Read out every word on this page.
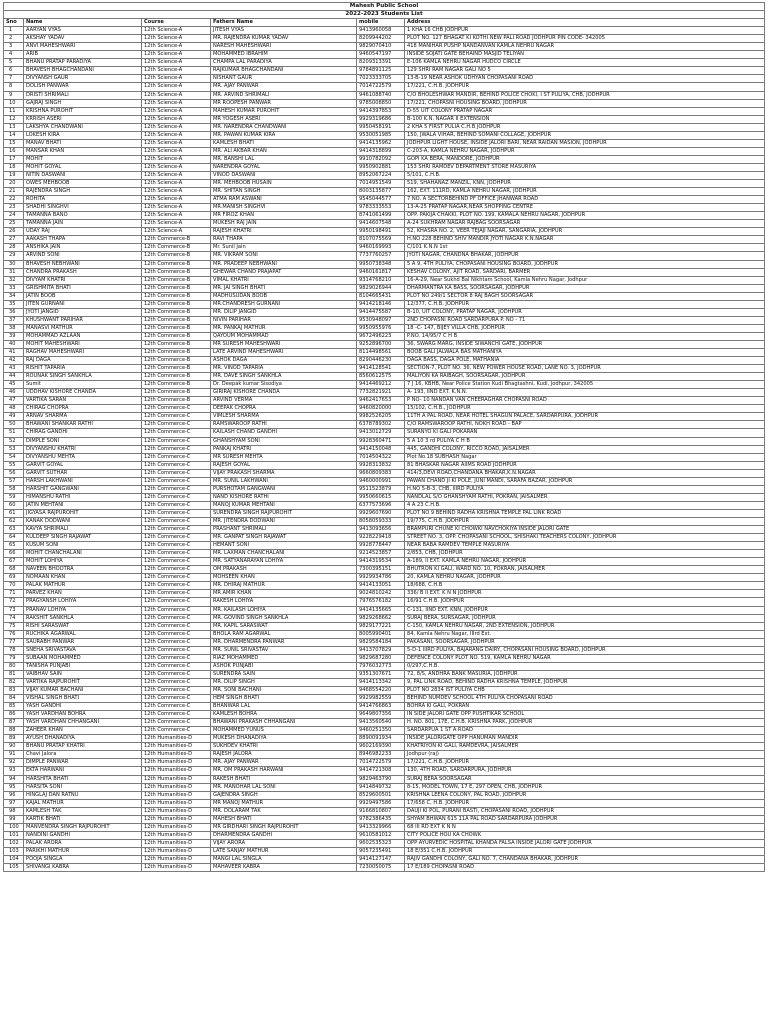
Mahesh Public School					
2022-2023 Students List					
Sno	Name	Course	Fathers Name	mobile	Address
1	AARYAN VYAS	12th Science-A	JITESH VYAS	9413960058	1 KHA 16 CHB JODHPUR
2	AKSHAY YADAV	12th Science-A	MR. RAJENDRA KUMAR YADAV	8209944202	PLOT NO. 127 BHAGAT KI KOTHI NEW PALI ROAD JODHPUR PIN CODE- 342005
3	ANVI MAHESHWARI	12th Science-A	NARESH MAHESHWARI	9829070410	418 MANIHAR PUSHP NANDANVAN KAMLA NEHRU NAGAR
4	ARIB	12th Science-A	MOHAMMED IBRAHIM	9460547197	INSIDE SOJATI GATE BEHAIND MASJID TELIYAN
5	BHANU PRATAP PARADIYA	12th Science-A	CHAMPA LAL PARADIYA	8209313391	E-106 KAMLA NEHRU NAGAR HUDCO CIRCLE
6	BHAVESH BHAGCHANDANI	12th Science-A	RAJKUMAR BHAGCHANDANI	9784891125	129 SHRI RAM NAGAR GALI NO 5
7	DIVYANSH GAUR	12th Science-A	NISHANT GAUR	7023333705	13-B-19 NEAR ASHOK UDHYAN CHOPASANI ROAD
8	DOLISH PANWAR	12th Science-A	MR. AJAY PANWAR	7014722579	17/221, C.H.B. JODHPUR
9	DRISTI SHRIMALI	12th Science-A	MR. ARVIND SHRIMALI	9461088740	C/O BHOLESHWAR MANDIR, BEHIND POLICE CHOKI, I ST PULIYA, CHB, JODHPUR
10	GAJRAJ SINGH	12th Science-A	MR ROOPESH PANWAR	9785008850	17/221, CHOPASNI HOUSING BOARD, JODHPUR
11	KRISHNA PUROHIT	12th Science-A	MAHESH KUMAR PUROHIT	9414397853	D-55 UIT COLONY PRATAP NAGAR
12	KRRISH ASERI	12th Science-A	MR YOGESH ASERI	9929319686	B-100 K.N. NAGAR II EXTENSION
13	LAKSHYA CHANDWANI	12th Science-A	MR. NARENDRA CHANDWANI	9950458191	2 KHA 5 FIRST PULIA C.H.B JODHPUR
14	LOKESH KIRA	12th Science-A	MR. PAWAN KUMAR KIRA	9530051985	150, JWALA VIHAR, BEHIND SOMANI COLLAGE, JODHPUR
15	MANAV BHATI	12th Science-A	KAMLESH BHATI	9414135962	JODHPUR LIGHT HOUSE, INSIDE JALORI BARI, NEAR RAIDAN MASION, JODHPUR
16	MANSAR KHAN	12th Science-A	MR. ALI AKBAR KHAN	9414318899	C-203-A, KAMLA NEHRU NAGAR, JODHPUR
17	MOHIT	12th Science-A	MR. BANSHI LAL	9910782092	GOPI KA BERA, MANDORE, JODHPUR
18	MOHIT GOYAL	12th Science-A	NARENDRA GOYAL	9950902881	153 SHRI RAMDEV DEPARTMENT STORE MASURIYA
19	NITIN DASWANI	12th Science-A	VINOD DASWANI	8952067224	5/101, C.H.B.
20	OWES MEHBOOB	12th Science-A	MR. MEHBOOB HUSAIN	7014951549	519, SHAHANAZ MANZIL, KNN, JODHPUR
21	RAJENDRA SINGH	12th Science-A	MR. SHITAN SINGH	8003135877	162, EXT. 111RD, KAMLA NEHRU NAGAR, JODHPUR
22	ROHITA	12th Science-A	ATMA RAM ASWANI	9545044577	7 NO. A SECTORBEHIND PF OFFICE JHANWAR ROAD
23	SHADHI SINGHVI	12th Science-A	MR.MANISH SINGHVI	9783333553	13-A-25 PRATAP NAGAR,NEAR SHOPPING CENTRE
24	TAMANNA BANO	12th Science-A	MR FIROZ KHAN	8741061499	OPP. PAKIJA CHAKKI, PLOT NO. 199, KAMALA NEHRU NAGAR, JODHPUR
25	TAMANNA JAIN	12th Science-A	MUKESH RAJ JAIN	9414607548	A-24 SUKHRAM NAGAR RAJBAG SOORSAGAR
26	UDAY RAJ	12th Science-A	RAJESH KHATRI	9950198491	52, KHASRA NO. 2, VEER TEJAJI NAGAR, SANGARIA, JODHPUR
27	AAKASH THAPA	12th Commerce-B	RAVI THAPA	8107075569	H.NO 228 BEHIND SHIV MANDIR JYOTI NAGAR K.N.NAGAR
28	ANSHIKA JAIN	12th Commerce-B	Mr. Sunil Jain	9460169993	C/101 K.N.N 1st
29	ARVIND SONI	12th Commerce-B	MR. VIKRAM SONI	7737760257	JYOTI NAGAR, CHANDNA BHAKAR, JODHPUR
30	BHAVESH NEBHWANI	12th Commerce-B	MR. PRADEEP NEBHWANI	9950738348	5 A 9, 4TH PULIYA, CHOPASANI HOUSING BOARD, JODHPUR
31	CHANDRA PRAKASH	12th Commerce-B	GHEWAR CHAND PRAJAPAT	9460161817	KESHAV COLONY, AJIT ROAD, SARDARI, BARMER
32	DIVYAM KHATRI	12th Commerce-B	VIMAL KHATRI	9314768210	16-A-29, Near Sukhd Bal Nikhtam School, Kamla Nehru Nagar, Jodhpur
33	GRISHMITA BHATI	12th Commerce-B	MR. JAI SINGH BHATI	9829026944	DHARMANTRA KA BASS, SOORSAGAR, JODHPUR
34	JATIN BOOB	12th Commerce-B	MADHUSUDAN BOOB	8104665431	PLOT NO 249/1 SECTOR 8 RAJ BAGH SOORSAGAR
35	JITEN GURNANI	12th Commerce-B	MR.CHANDRESH GURNANI	9414218146	12/377, C.H.B. JODHPUR
36	JYOTI JANGID	12th Commerce-B	MR. DILIP JANGID	9414475587	B-10, UIT COLONY, PRATAP NAGAR, JODHPUR
37	KHUSHWANT PARIHAR	12th Commerce-B	NIVIN PARIHAR	9530948097	2ND CHOPASNI ROAD SARDARPURA P. NO - 71
38	MANASVI MATHUR	12th Commerce-B	MR. PANKAJ MATHUR	9950955976	18 -C- 147, BIJEY VILLA CHB, JODHPUR
39	MOHAMMAD AZLAAN	12th Commerce-B	QAYOUM MOHAMMAD	9672496223	P.NO. 14/95/7 C H B
40	MOHIT MAHESHWARI	12th Commerce-B	MR SURESH MAHESHWARI	9252896700	36, SWARG MARG, INSIDE SIWANCHI GATE, JODHPUR
41	RAGHAV MAHESHWARI	12th Commerce-B	LATE ARVIND MAHESHWARI	8114498561	BOOB GALI JALWALA BAS MATHANIYA
42	RAJ DAGA	12th Commerce-B	ASHOK DAGA	8290446230	DAGA BASS, DAGA POLE, MATHANIA
43	RISHIT TAPARIA	12th Commerce-B	MR. VINOD TAPARIA	9414128541	SECTION-7, PLOT NO. 36, NEW POWER HOUSE ROAD, LANE NO. 3, JODHPUR
44	ROUNAK SINGH SANKHLA	12th Commerce-B	MR. DAVE SINGH SANKHLA	8560612575	MALIYON KA RAIBAGH, SOORSAGAR, JODHPUR
45	Sumit	12th Commerce-B	Dr. Deepak kumar Sisodiya	9414469212	7 J 16, KBHB, Near Police Station Kudi Bhagtashni, Kudi, Jodhpur, 342005
46	UDDHAV KISHORE CHANDA	12th Commerce-B	GIRIRAJ KISHORE CHANDA	7732821921	A- 193, IIND EXT. K.N.N.
47	VARTIKA SARAN	12th Commerce-B	ARVIND VERMA	9462417653	P NO- 10 NANDAN VAN CHEERAGHAR CHOPASNI ROAD
48	CHIRAG CHOPRA	12th Commerce-C	DEEPAK CHOPRA	9460820000	15/102, C.H.B., JODHPUR
49	ARNAV SHARMA	12th Commerce-C	VIMLESH SHARMA	9982526205	11TH A PAL ROAD, NEAR HOTEL SHAGUN PALACE, SARDARPURA, JODHPUR
50	BHAWANI SHANKAR RATHI	12th Commerce-C	RAMSWAROOP RATHI	6378789302	C/O RAMSWAROOP RATHI, NOKH ROAD - BAP
51	CHIRAG GANDHI	12th Commerce-C	KAILASH CHAND GANDHI	9413012729	SURANYO KI GALI POKARAN
52	DIMPLE SONI	12th Commerce-C	GHANSHYAM SONI	9928360471	5 A 10 3 rd PULIYA C H B
53	DIVYANSHU KHATRI	12th Commerce-C	PANKAJ KHATRI	9414150048	445, GANDHI COLONY, RICCO ROAD, JAISALMER
54	DIVYANSHU MEHTA	12th Commerce-C	MR SURESH MEHTA	7014504322	Plot No.18 SUBHASH Nagar
55	GARVIT GOYAL	12th Commerce-C	RAJESH GOYAL	9928313832	81 BHASKAR NAGAR AIIMS ROAD JODHPUR
56	GARVIT SUTHAR	12th Commerce-C	VIJAY PRAKASH SHARMA	9660809383	414/3,DEVI ROAD,CHANDANA BHAKAR,K.N.NAGAR
57	HARSH LAKHWANI	12th Commerce-C	MR. SUNIL LAKHWANI	9460000991	PAWAN CHAND JI KI POLE, JUNI MANDI, SARAFA BAZAR, JODHPUR
58	HARSHIT GANGWANI	12th Commerce-C	PURSHOTAM GANGWANI	9511523879	H.NO 5-B-3, CHB, IIIRD PULIYA
59	HIMANSHU RATHI	12th Commerce-C	NAND KISHORE RATHI	9950660615	NANDLAL S/O GHANSHYAM RATHI, POKRAN, JAISALMER
60	JATIN MEHTANI	12th Commerce-C	MANOJ KUMAR MEHTANI	6377573696	4 A 23 C.H.B.
61	JIGYASA RAJPUROHIT	12th Commerce-C	SURENDRA SINGH RAJPUROHIT	9929607690	PLOT NO 9 BEHIND RADHA KRISHNA TEMPLE PAL LINK ROAD
62	KANAK DODWANI	12th Commerce-C	MR. JITENDRA DODWANI	8058059333	19/775, C.H.B. JODHPUR
63	KAVYA SHRIMALI	12th Commerce-C	PRASHANT SHRIMALI	9413093656	BRAMPURI CHUNE KI CHOWKI NAVCHOKIYA INSIDE JALORI GATE
64	KULDEEP SINGH RAJAWAT	12th Commerce-C	MR. GANPAT SINGH RAJAWAT	9228229418	STREET NO. 3, OPP. CHOPASANI SCHOOL, SHISHAKI TEACHERS COLONY, JODHPUR
65	KUSUM SONI	12th Commerce-C	HEMANT SONI	9928778447	NEAR BABA RAMDEV TEMPLE MASURIYA
66	MOHIT CHANCHALANI	12th Commerce-C	MR. LAXMAN CHANCHALANI	9214523857	2/853, CHB, JODHPUR
67	MOHIT LOHIYA	12th Commerce-C	MR. SATYANARAYAN LOHIYA	9414319534	A-189, II EXT. KAMLA NEHRU NAGAR, JODHPUR
68	NAVEEN BHOOTRA	12th Commerce-C	OM PRAKASH	7300395151	BHUTRON KI GALI, WARD NO. 10, POKRAN, JAISALMER
69	NOMAAN KHAN	12th Commerce-C	MOHSEEN KHAN	9929934786	20, KAMLA NEHRU NAGAR, JODHPUR
70	PALAK MATHUR	12th Commerce-C	MR. DHIRAJ MATHUR	9414133051	18/688, C.H.B
71	PARVEZ KHAN	12th Commerce-C	MR AMIR KHAN	9024810242	336/ B II EXT. K N N JODHPUR
72	PRAGYANSH LOHIYA	12th Commerce-C	RAKESH LOHIYA	7976576182	16/91 C.H.B. JODHPUR
73	PRANAV LOHIYA	12th Commerce-C	MR. KAILASH LOHIYA	9414135665	C-131, IIND EXT. KNN, JODHPUR
74	RAKSHIT SANKHLA	12th Commerce-C	MR. GOVIND SINGH SANKHLA	9829268662	SURAJ BERA, SURSAGAR, JODHPUR
75	RISHI SARASWAT	12th Commerce-C	MR. KAPIL SARASWAT	9829177221	C-150, KAMLA NEHRU NAGAR, 2ND EXTENSION, JODHPUR
76	RUCHIKA AGARWAL	12th Commerce-C	BHOLA RAM AGARWAL	8005990401	84, Kamla Nehru Nagar, IIIrd Ext.
77	SAURABH PANWAR	12th Commerce-C	MR. DHARMENDRA PANWAR	9829584184	PAKASANI, SOORSAGAR, JODHPUR
78	SNEHA SRIVASTAVA	12th Commerce-C	MR. SUNIL SRIVASTAV	9413707829	5-D-1 IIIRD PULIYA, BAJARANG DAIRY, CHOPASANI HOUSING BOARD, JODHPUR
79	SUBAAN MOHAMMED	12th Commerce-C	RIAZ MOHAMMED	9829687280	DEFENCE COLONY PLOT NO. 519, KAMLA NEHRU NAGAR
80	TANISHA PUNJABI	12th Commerce-C	ASHOK PUNJABI	7976032773	0/297,C.H.B.
81	VAIBHAV SAIN	12th Commerce-C	SURENDRA SAIN	9351307671	72, 8/S, ANDHRA BANK MASURIA, JODHPUR
82	VARTIKA RAJPUROHIT	12th Commerce-C	MR. DILIP SINGH	9414113342	9, PAL LINK ROAD, BEHIND RADHA KRISHNA TEMPLE, JODHPUR
83	VIJAY KUMAR BACHANI	12th Commerce-C	MR. SONI BACHANI	9468554220	PLOT NO 2834 IST PULIYA CHB
84	VISHAL SINGH BHATI	12th Commerce-C	HEM SINGH BHATI	9929982559	BEHIND NUMDEV SCHOOL 4TH PULIYA CHOPASANI ROAD
85	YASH GANDHI	12th Commerce-C	BHANWAR LAL	9414766863	BOHRA KI GALI, POKRAN
86	YASH VARDHAN BOHRA	12th Commerce-C	KAMLESH BOHRA	9649807356	IN SIDE JALORI GATE OPP PUSHTIKAR SCHOOL
87	YASH VARDHAN CHHANGANI	12th Commerce-C	BHAWANI PRAKASH CHHANGANI	9413560540	H. NO. 801, 17E, C.H.B. KRISHNA PARK, JODHPUR
88	ZAHEER KHAN	12th Commerce-C	MOHAMMED YUNUS	9460251350	SARDARPUA 1 ST A ROAD
89	AYUSH DHANADIYA	12th Humanities-D	MUKESH DHANADIYA	8890091934	INSIDE JALORIGATE OPP HANUMAN MANDIR
90	BHANU PRATAP KHATRI	12th Humanities-D	SUKHDEV KHATRI	9602169390	KHATRIYON KI GALI, RAMDEVRA, JAISALMER
91	Chavi Jalora	12th Humanities-D	RAJESH JALORA	8946982233	Jodhpur (raj)
92	DIMPLE PANWAR	12th Humanities-D	MR. AJAY PANWAR	7014722579	17/221, C.H.B. JODHPUR
93	EKTA HARWANI	12th Humanities-D	MR. OM PRAKASH HARWANI	9414721308	130, 4TH ROAD, SARDARPURA, JODHPUR
94	HARSHITA BHATI	12th Humanities-D	RAKESH BHATI	9829463790	SURAJ BERA SOORSAGAR
95	HARSITA SONI	12th Humanities-D	MR. MANOHAR LAL SONI	9414849732	8-15, MODEL TOWN, 17 E, 297 OPEN, CHB, JODHPUR
96	HINGLAJ DAN RATNU	12th Humanities-D	GAJENDRA SINGH	8529600501	KRISHNA LEENA COLONY, PAL ROAD, JODHPUR
97	KAJAL MATHUR	12th Humanities-D	MR MANOJ MATHUR	9929497586	17/658 C, H.B. JODHPUR
98	KAMLESH TAK	12th Humanities-D	MR. DOLARAM TAK	9166810807	DAUJI KI POL, PURANI BASTI, CHOPASANI ROAD, JODHPUR
99	KARTIK BHATI	12th Humanities-D	MAHESH BHATI	9782386435	SHYAM BHWAN 615 11A PAL ROAD SARDARPURA JODHPUR
100	MANVENDRA SINGH RAJPUROHIT	12th Humanities-D	MR GIRDHARI SINGH RAJPUROHIT	9413329966	68 III RD EXT K N N
101	NANDINI GANDHI	12th Humanities-D	DHARMENDRA GANDHI	9610581012	CITY POLICE HOU KA CHOWK
102	PALAK ARORA	12th Humanities-D	VIJAY ARORA	9602535323	OPP AYURVEDIC HOSPITAL KHANDA FALSA INSIDE JALORI GATE JODHPUR
103	PARIKHI MATHUR	12th Humanities-D	LATE SANJAY MATHUR	9057235491	18 E/351 C.H.B. JODHPUR
104	POOJA SINGLA	12th Humanities-D	MANGI LAL SINGLA	9414127147	RAJIV GANDHI COLONY, GALI NO. 7, CHANDANA BHAKAR, JODHPUR
105	SHIVANGI KABRA	12th Humanities-D	MAHAVEER KABRA	7230050075	17 E/189 CHOPASNI ROAD
